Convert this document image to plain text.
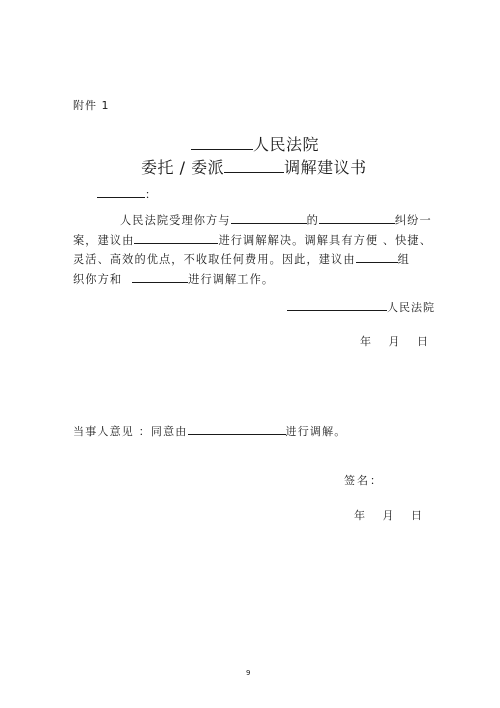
附件 1
人民法院
委托 / 委派	调解建议书
：
人民法院受理你方与	的	纠纷一
案，建议由	进行调解解决。调解具有方便 、快捷、
灵活、高效的优点，不收取任何费用。因此，建议由	组
织你方和	进行调解工作。
人民法院
年 月 日
当事人意见 ：同意由	进行调解。
签名：
年 月 日
9
